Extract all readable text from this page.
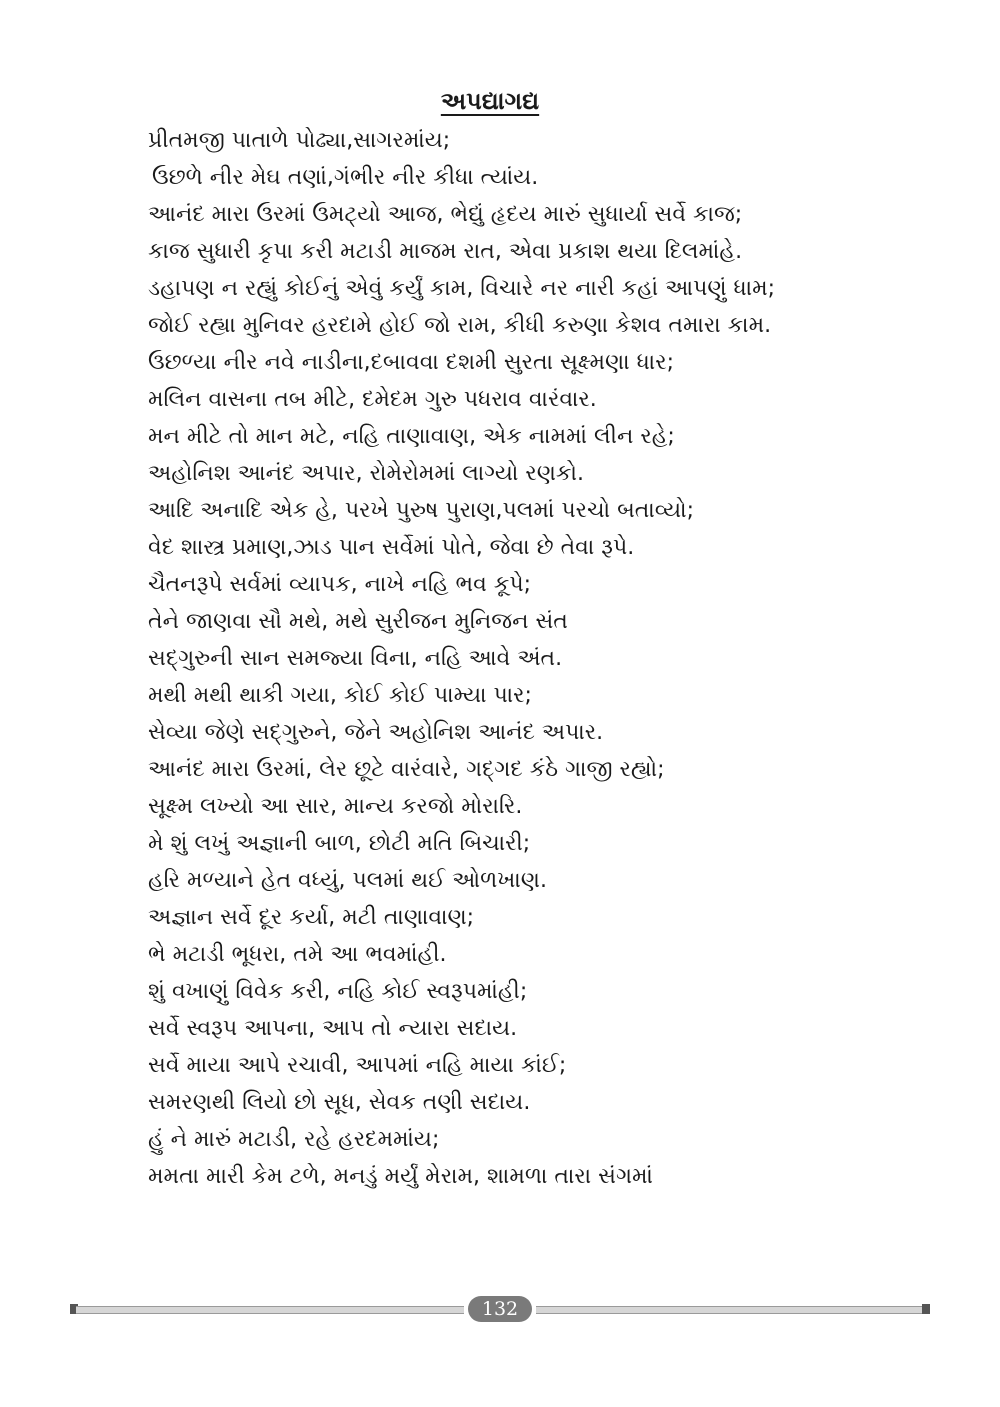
અપદ્યાગદ્ય
પ્રીતમજી પાતાળે પોઢ્યા,સાગરમાંય;
ઉછળે નીર મેઘ તણાં,ગંભીર નીર કીધા ત્યાંય.
આનંદ મારા ઉરમાં ઉમટ્યો આજ, ભેદ્યું હૃદય મારું સુધાર્યા સર્વે કાજ;
કાજ સુધારી કૃપા કરી મટાડી માજમ રાત, એવા પ્રકાશ થયા દિલમાંહે.
ડહાપણ ન રહ્યું કોઈનું એવું કર્યું કામ, વિચારે નર નારી કહાં આપણું ધામ;
જોઈ રહ્યા મુનિવર હરદામે હોઈ જો રામ, કીધી કરુણા કેશવ તમારા કામ.
ઉછળ્યા નીર નવે નાડીના,દબાવવા દશમી સુરતા સૂક્ષ્મણા ધાર;
મલિન વાસના તબ મીટે, દમેદમ ગુરુ પધરાવ વારંવાર.
મન મીટે તો માન મટે, નહિ તાણાવાણ, એક નામમાં લીન રહે;
અહોનિશ આનંદ અપાર, રોમેરોમમાં લાગ્યો રણકો.
આદિ અનાદિ એક હે, પરખે પુરુષ પુરાણ,પલમાં પરચો બતાવ્યો;
વેદ શાસ્ત્ર પ્રમાણ,ઝાડ પાન સર્વેમાં પોતે, જેવા છે તેવા રૂપે.
ચૈતનરૂપે સર્વમાં વ્યાપક, નાખે નહિ ભવ કૂપે;
તેને જાણવા સૌ મથે, મથે સુરીજન મુનિજન સંત
સદ્‌ગુરુની સાન સમજ્યા વિના, નહિ આવે અંત.
મથી મથી થાકી ગયા, કોઈ કોઈ પામ્યા પાર;
સેવ્યા જેણે સદ્‌ગુરુને, જેને અહોનિશ આનંદ અપાર.
આનંદ મારા ઉરમાં, લેર છૂટે વારંવારે, ગદ્‌ગદ કંઠે ગાજી રહ્યો;
સૂક્ષ્મ લખ્યો આ સાર, માન્ય કરજો મોરારિ.
મે શું લખું અજ્ઞાની બાળ, છોટી મતિ બિચારી;
હરિ મળ્યાને હેત વધ્યું, પલમાં થઈ ઓળખાણ.
અજ્ઞાન સર્વે દૂર કર્યા, મટી તાણાવાણ;
ભે મટાડી ભૂધરા, તમે આ ભવમાંહી.
શું વખાણું વિવેક કરી, નહિ કોઈ સ્વરૂપમાંહી;
સર્વે સ્વરૂપ આપના, આપ તો ન્યારા સદાય.
સર્વે માયા આપે રચાવી, આપમાં નહિ માયા કાંઈ;
સમરણથી લિયો છો સૂધ, સેવક તણી સદાય.
હું ને મારું મટાડી, રહે હરદમમાંય;
મમતા મારી કેમ ટળે, મનડું મર્યું મેરામ, શામળા તારા સંગમાં
132
